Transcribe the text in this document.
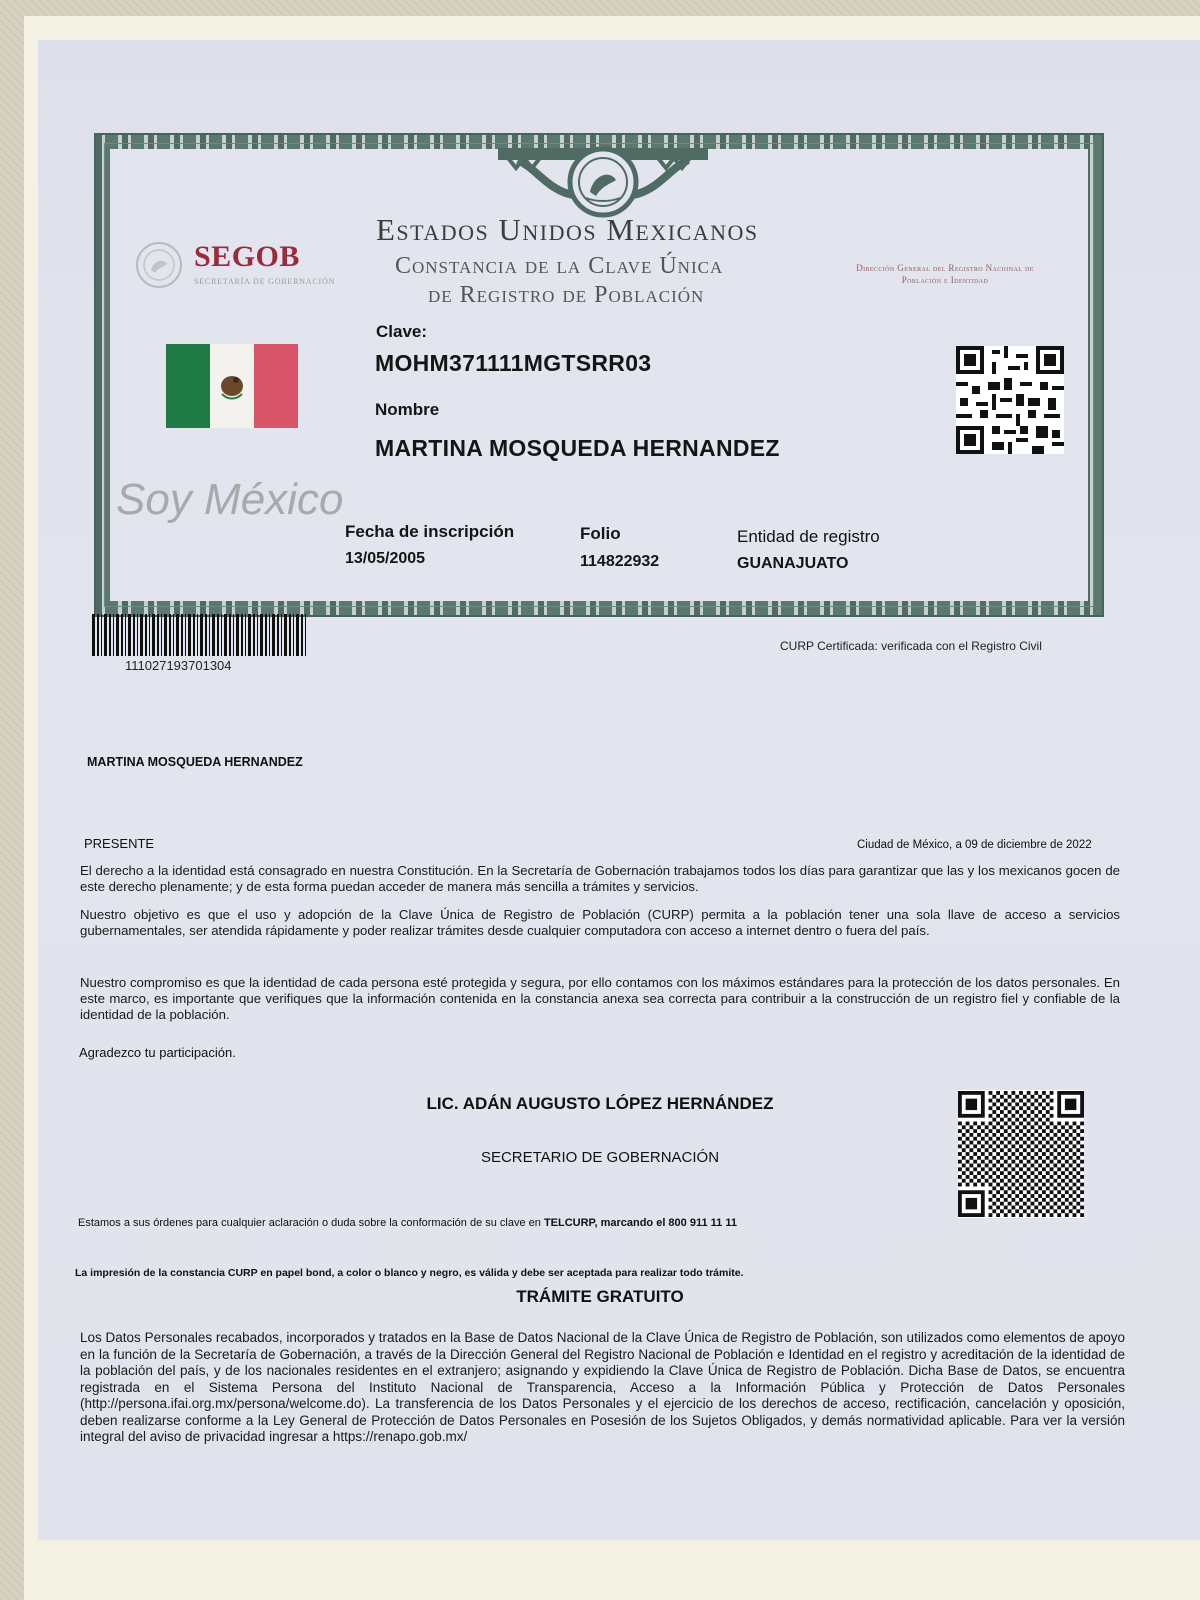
Estados Unidos Mexicanos
Constancia de la Clave Única
de Registro de Población
SEGOB
SECRETARÍA DE GOBERNACIÓN
Dirección General del Registro Nacional de Población e Identidad
Soy México
Clave:
MOHM371111MGTSRR03
Nombre
MARTINA MOSQUEDA HERNANDEZ
Fecha de inscripción
13/05/2005
Folio
114822932
Entidad de registro
GUANAJUATO
111027193701304
CURP Certificada: verificada con el Registro Civil
MARTINA MOSQUEDA HERNANDEZ
PRESENTE	Ciudad de México, a 09 de diciembre de 2022
El derecho a la identidad está consagrado en nuestra Constitución. En la Secretaría de Gobernación trabajamos todos los días para garantizar que las y los mexicanos gocen de este derecho plenamente; y de esta forma puedan acceder de manera más sencilla a trámites y servicios.
Nuestro objetivo es que el uso y adopción de la Clave Única de Registro de Población (CURP) permita a la población tener una sola llave de acceso a servicios gubernamentales, ser atendida rápidamente y poder realizar trámites desde cualquier computadora con acceso a internet dentro o fuera del país.
Nuestro compromiso es que la identidad de cada persona esté protegida y segura, por ello contamos con los máximos estándares para la protección de los datos personales. En este marco, es importante que verifiques que la información contenida en la constancia anexa sea correcta para contribuir a la construcción de un registro fiel y confiable de la identidad de la población.
Agradezco tu participación.
LIC. ADÁN AUGUSTO LÓPEZ HERNÁNDEZ
SECRETARIO DE GOBERNACIÓN
Estamos a sus órdenes para cualquier aclaración o duda sobre la conformación de su clave en TELCURP, marcando el 800 911 11 11
La impresión de la constancia CURP en papel bond, a color o blanco y negro, es válida y debe ser aceptada para realizar todo trámite.
TRÁMITE GRATUITO
Los Datos Personales recabados, incorporados y tratados en la Base de Datos Nacional de la Clave Única de Registro de Población, son utilizados como elementos de apoyo en la función de la Secretaría de Gobernación, a través de la Dirección General del Registro Nacional de Población e Identidad en el registro y acreditación de la identidad de la población del país, y de los nacionales residentes en el extranjero; asignando y expidiendo la Clave Única de Registro de Población. Dicha Base de Datos, se encuentra registrada en el Sistema Persona del Instituto Nacional de Transparencia, Acceso a la Información Pública y Protección de Datos Personales (http://persona.ifai.org.mx/persona/welcome.do). La transferencia de los Datos Personales y el ejercicio de los derechos de acceso, rectificación, cancelación y oposición, deben realizarse conforme a la Ley General de Protección de Datos Personales en Posesión de los Sujetos Obligados, y demás normatividad aplicable. Para ver la versión integral del aviso de privacidad ingresar a https://renapo.gob.mx/
